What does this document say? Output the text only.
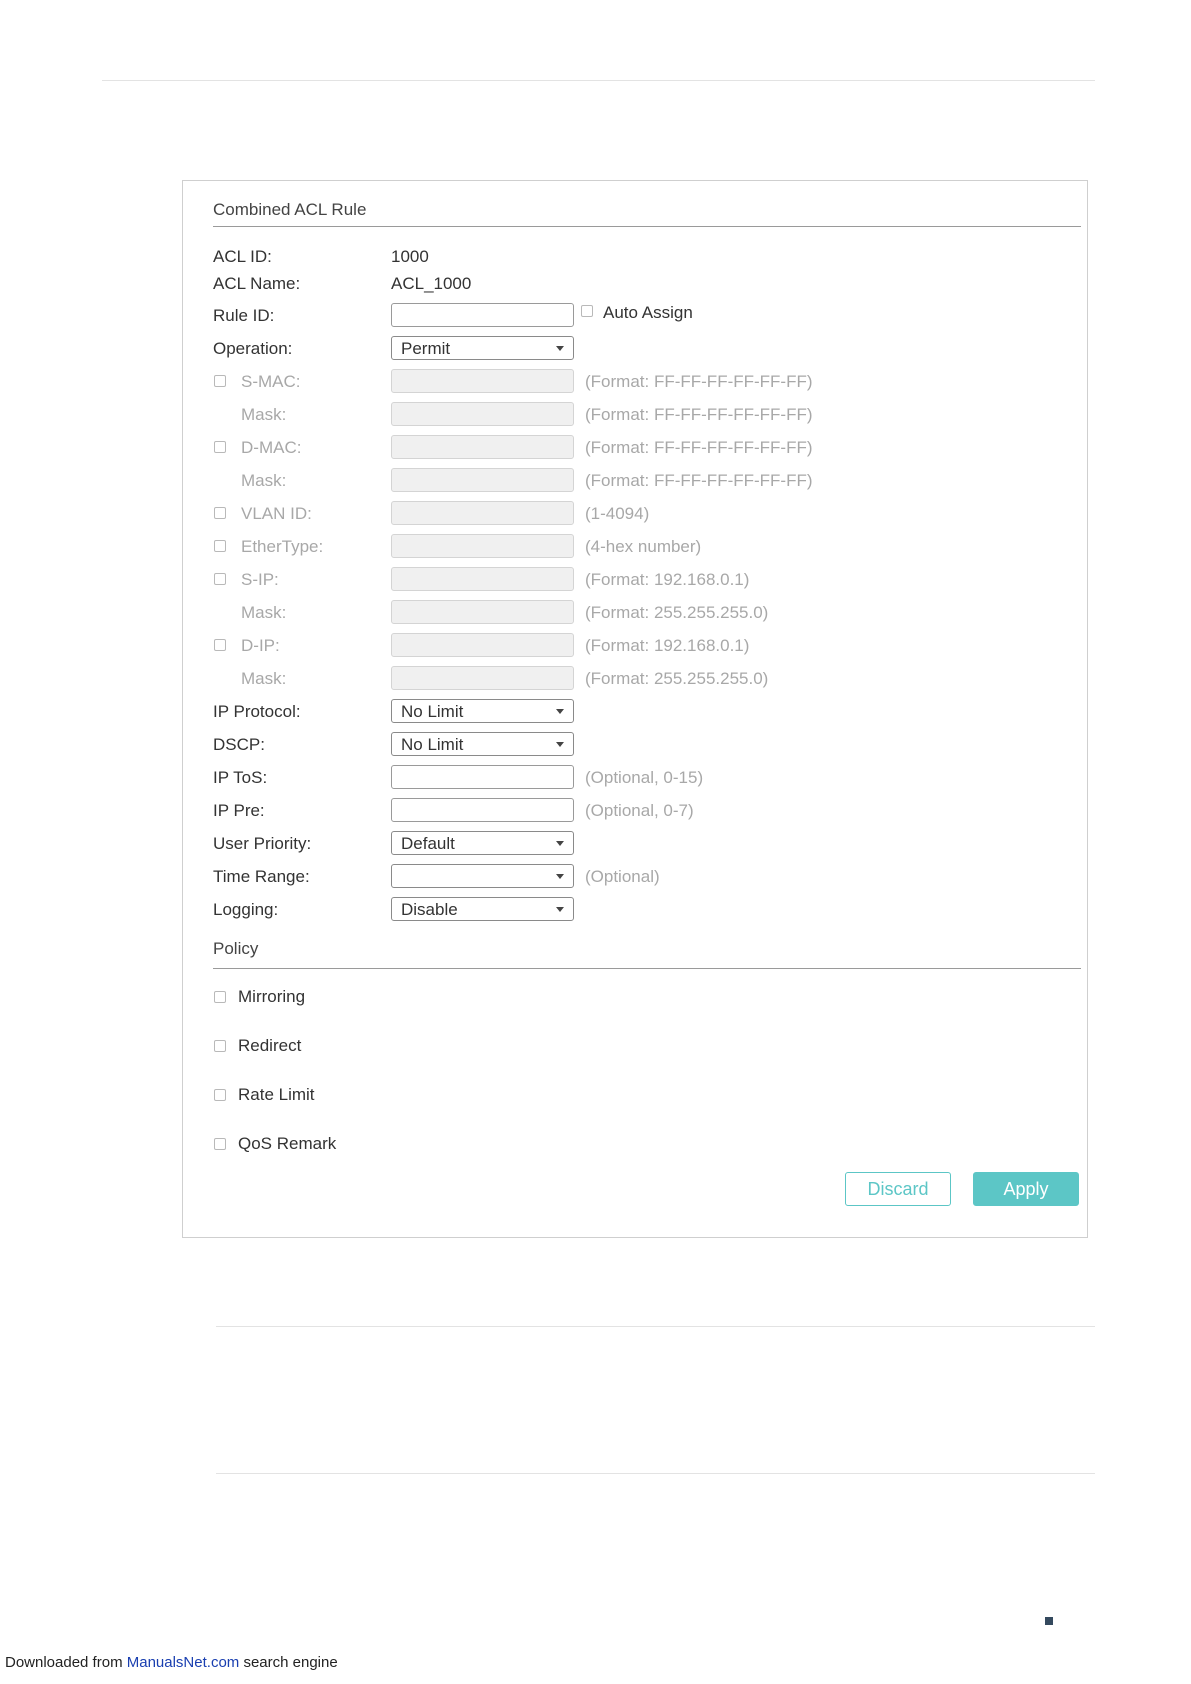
Combined ACL Rule
ACL ID:	1000
ACL Name:	ACL_1000
Rule ID:	Auto Assign
Operation:	Permit
S-MAC:	(Format: FF-FF-FF-FF-FF-FF)
Mask:	(Format: FF-FF-FF-FF-FF-FF)
D-MAC:	(Format: FF-FF-FF-FF-FF-FF)
Mask:	(Format: FF-FF-FF-FF-FF-FF)
VLAN ID:	(1-4094)
EtherType:	(4-hex number)
S-IP:	(Format: 192.168.0.1)
Mask:	(Format: 255.255.255.0)
D-IP:	(Format: 192.168.0.1)
Mask:	(Format: 255.255.255.0)
IP Protocol:	No Limit
DSCP:	No Limit
IP ToS:	(Optional, 0-15)
IP Pre:	(Optional, 0-7)
User Priority:	Default
Time Range:	(Optional)
Logging:	Disable
Policy
Mirroring
Redirect
Rate Limit
QoS Remark
Discard	Apply
Downloaded from ManualsNet.com search engine
